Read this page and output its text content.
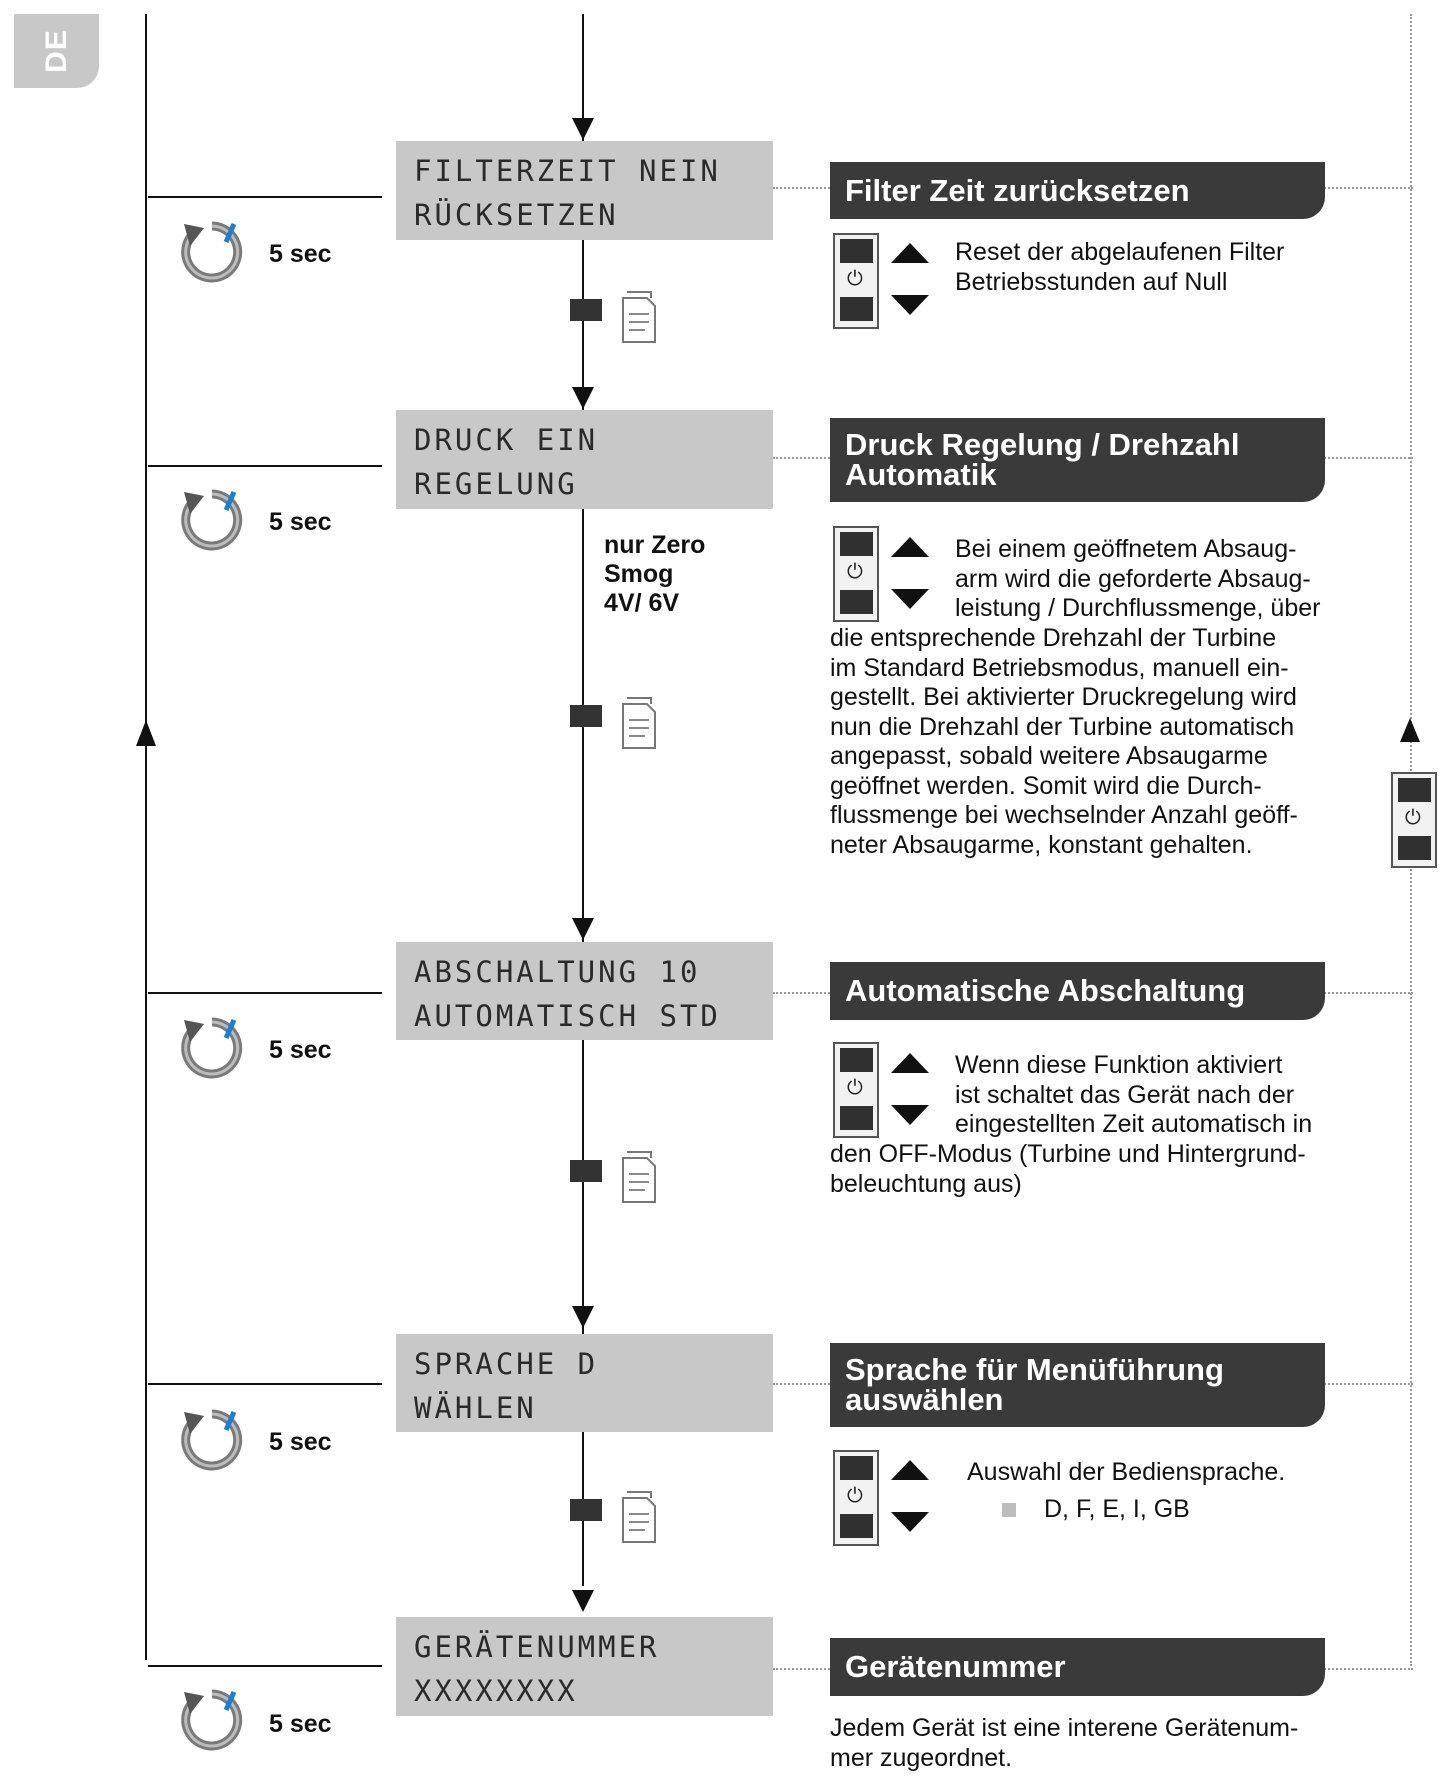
DE
⏻
5 sec
FILTERZEIT NEIN
RÜCKSETZEN
Filter Zeit zurücksetzen
⏻
Reset der abgelaufenen Filter Betriebsstunden auf Null
5 sec
DRUCK EIN
REGELUNG
Druck Regelung / Drehzahl
Automatik
nur Zero
Smog
4V/ 6V
⏻
Bei einem geöffnetem Absaug-
arm wird die geforderte Absaug-
leistung / Durchflussmenge, über
die entsprechende Drehzahl der Turbine
im Standard Betriebsmodus, manuell ein-
gestellt. Bei aktivierter Druckregelung wird
nun die Drehzahl der Turbine automatisch
angepasst, sobald weitere Absaugarme
geöffnet werden. Somit wird die Durch-
flussmenge bei wechselnder Anzahl geöff-
neter Absaugarme, konstant gehalten.
5 sec
ABSCHALTUNG 10
AUTOMATISCH STD
Automatische Abschaltung
⏻
Wenn diese Funktion aktiviert
ist schaltet das Gerät nach der
eingestellten Zeit automatisch in
den OFF-Modus (Turbine und Hintergrund-
beleuchtung aus)
5 sec
SPRACHE D
WÄHLEN
Sprache für Menüführung
auswählen
⏻
Auswahl der Bediensprache.
D, F, E, I, GB
5 sec
GERÄTENUMMER
XXXXXXXX
Gerätenummer
Jedem Gerät ist eine interene Gerätenum-
mer zugeordnet.
